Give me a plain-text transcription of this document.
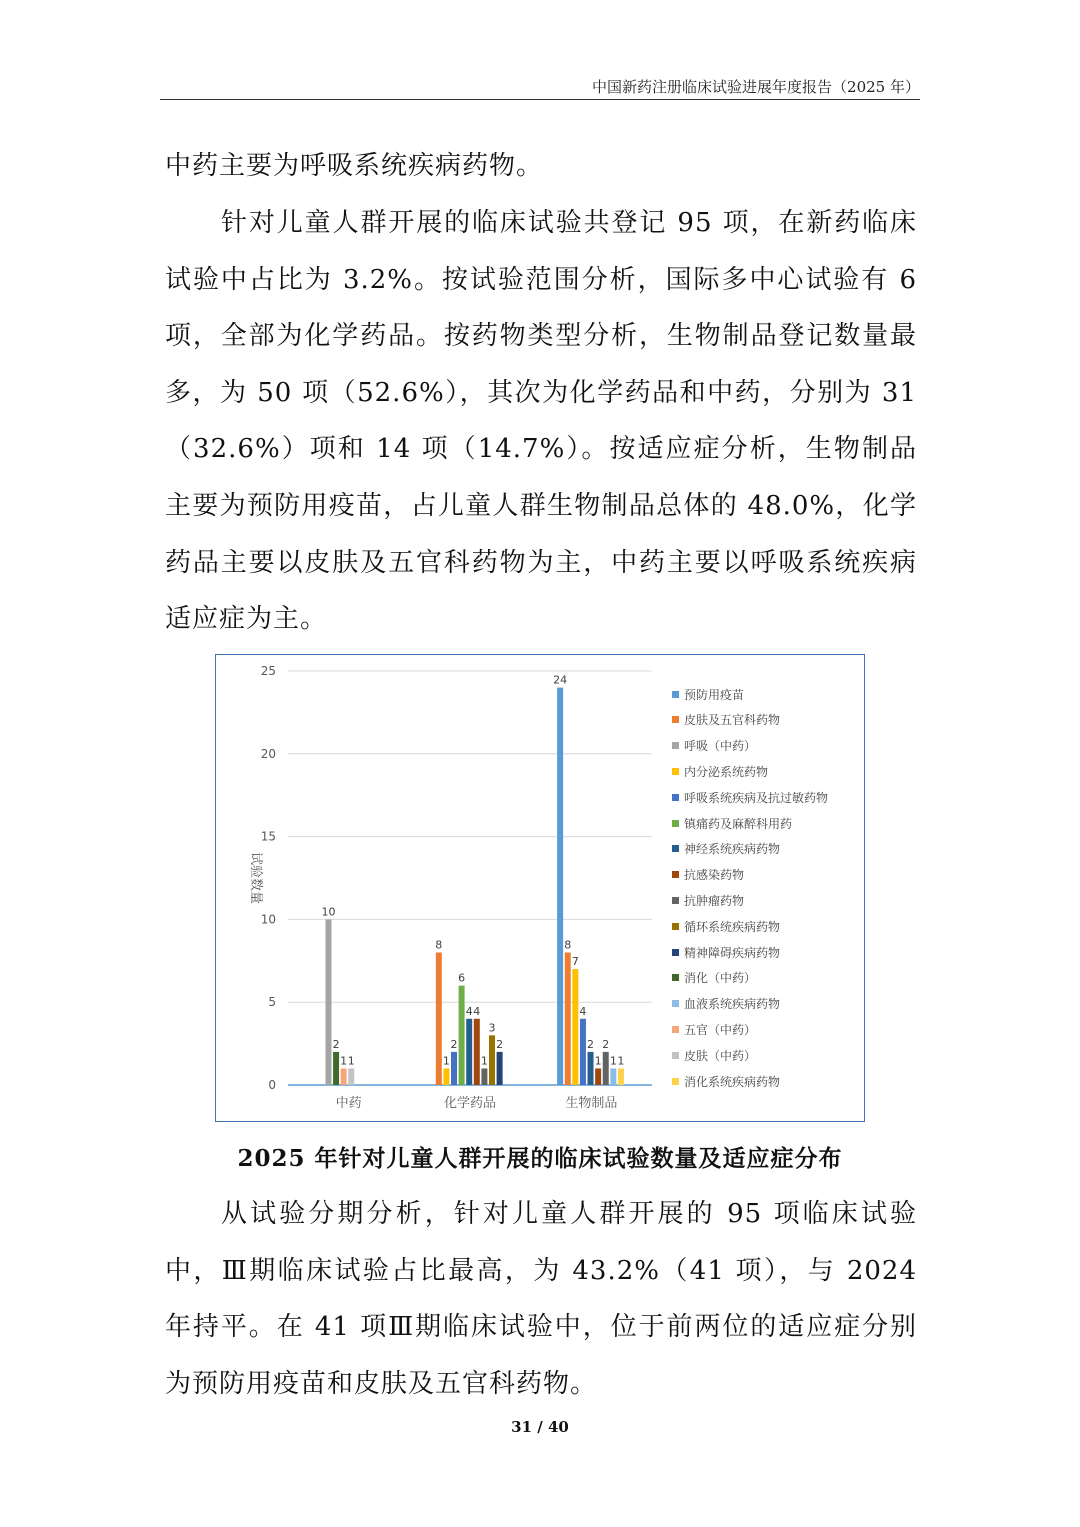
中国新药注册临床试验进展年度报告（2025 年）

中药主要为呼吸系统疾病药物。

针对儿童人群开展的临床试验共登记 95 项，在新药临床试验中占比为 3.2%。按试验范围分析，国际多中心试验有 6 项，全部为化学药品。按药物类型分析，生物制品登记数量最多，为 50 项（52.6%），其次为化学药品和中药，分别为 31（32.6%）项和 14 项（14.7%）。按适应症分析，生物制品主要为预防用疫苗，占儿童人群生物制品总体的 48.0%，化学药品主要以皮肤及五官科药物为主，中药主要以呼吸系统疾病适应症为主。

0
5
10
15
20
25
试验数量
10
2
1 1
中药
8
1
2
6
4 4
1
3
2
化学药品
24
8
7
4
2
1
2
1 1
生物制品
预防用疫苗
皮肤及五官科药物
呼吸（中药）
内分泌系统药物
呼吸系统疾病及抗过敏药物
镇痛药及麻醉科用药
神经系统疾病药物
抗感染药物
抗肿瘤药物
循环系统疾病药物
精神障碍疾病药物
消化（中药）
血液系统疾病药物
五官（中药）
皮肤（中药）
消化系统疾病药物
2025 年针对儿童人群开展的临床试验数量及适应症分布

从试验分期分析，针对儿童人群开展的 95 项临床试验中，Ⅲ期临床试验占比最高，为 43.2%（41 项），与 2024 年持平。在 41 项Ⅲ期临床试验中，位于前两位的适应症分别为预防用疫苗和皮肤及五官科药物。

31 / 40
